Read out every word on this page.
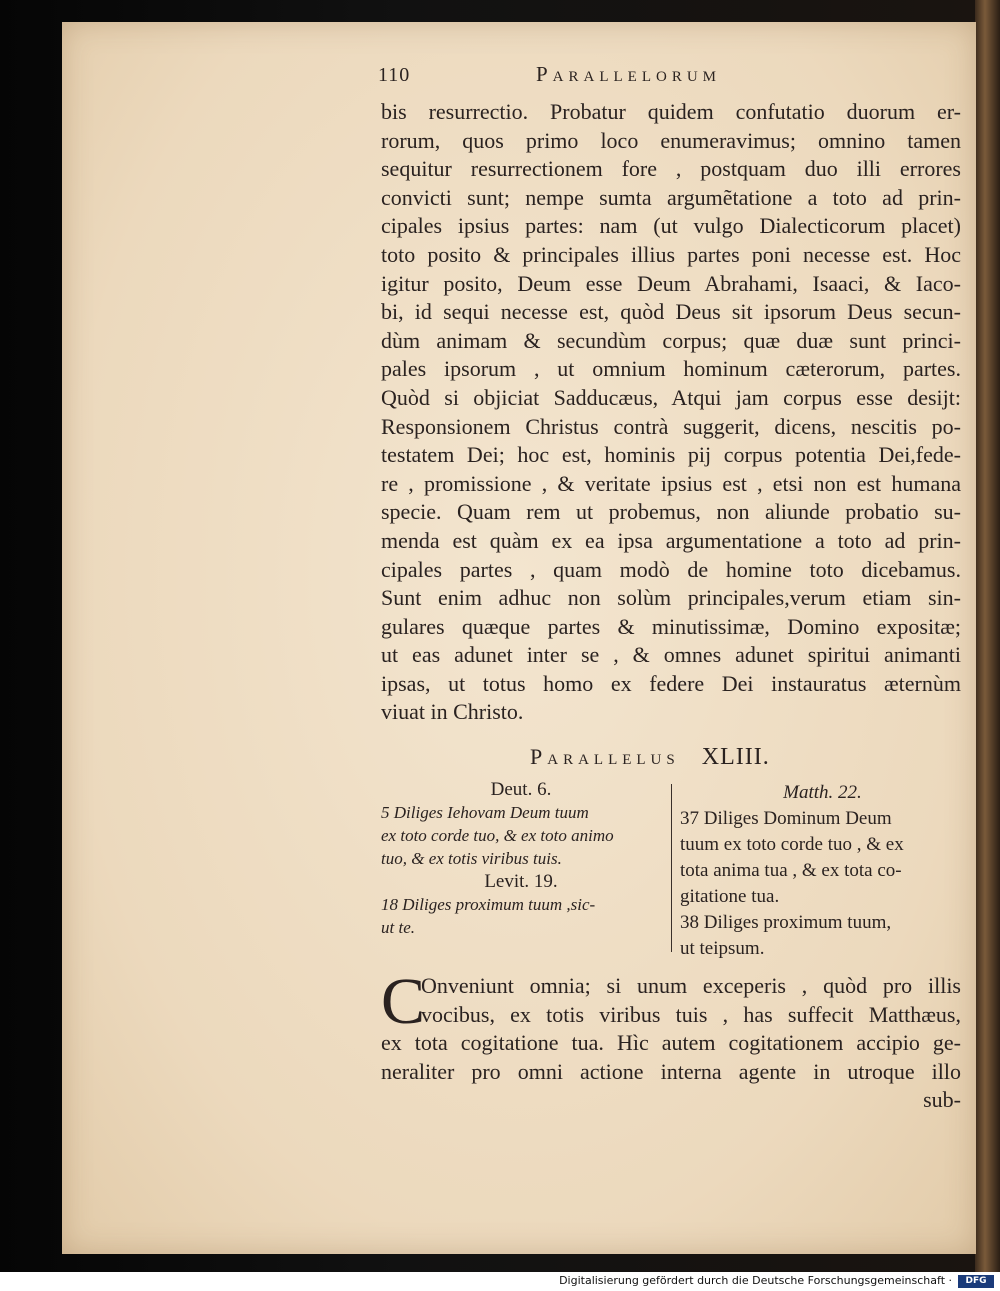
110	Parallelorum
bis resurrectio. Probatur quidem confutatio duorum er-
rorum, quos primo loco enumeravimus; omnino tamen
sequitur resurrectionem fore , postquam duo illi errores
convicti sunt; nempe sumta argumẽtatione a toto ad prin-
cipales ipsius partes: nam (ut vulgo Dialecticorum placet)
toto posito & principales illius partes poni necesse est. Hoc
igitur posito, Deum esse Deum Abrahami, Isaaci, & Iaco-
bi, id sequi necesse est, quòd Deus sit ipsorum Deus secun-
dùm animam & secundùm corpus; quæ duæ sunt princi-
pales ipsorum , ut omnium hominum cæterorum, partes.
Quòd si objiciat Sadducæus, Atqui jam corpus esse desijt:
Responsionem Christus contrà suggerit, dicens, nescitis po-
testatem Dei; hoc est, hominis pij corpus potentia Dei,fede-
re , promissione , & veritate ipsius est , etsi non est humana
specie. Quam rem ut probemus, non aliunde probatio su-
menda est quàm ex ea ipsa argumentatione a toto ad prin-
cipales partes , quam modò de homine toto dicebamus.
Sunt enim adhuc non solùm principales,verum etiam sin-
gulares quæque partes & minutissimæ, Domino expositæ;
ut eas adunet inter se , & omnes adunet spiritui animanti
ipsas, ut totus homo ex federe Dei instauratus æternùm
viuat in Christo.
Parallelus XLIII.
Deut. 6.
5 Diliges Iehovam Deum tuum
ex toto corde tuo, & ex toto animo
tuo, & ex totis viribus tuis.
Levit. 19.
18 Diliges proximum tuum ,sic-
ut te.
Matth. 22.
37 Diliges Dominum Deum
tuum ex toto corde tuo , & ex
tota anima tua , & ex tota co-
gitatione tua.
38 Diliges proximum tuum,
ut teipsum.
C
Onveniunt omnia; si unum exceperis , quòd pro illis
vocibus, ex totis viribus tuis , has suffecit Matthæus,
ex tota cogitatione tua. Hìc autem cogitationem accipio ge-
neraliter pro omni actione interna agente in utroque illo
sub-
Digitalisierung gefördert durch die Deutsche Forschungsgemeinschaft ·	DFG
